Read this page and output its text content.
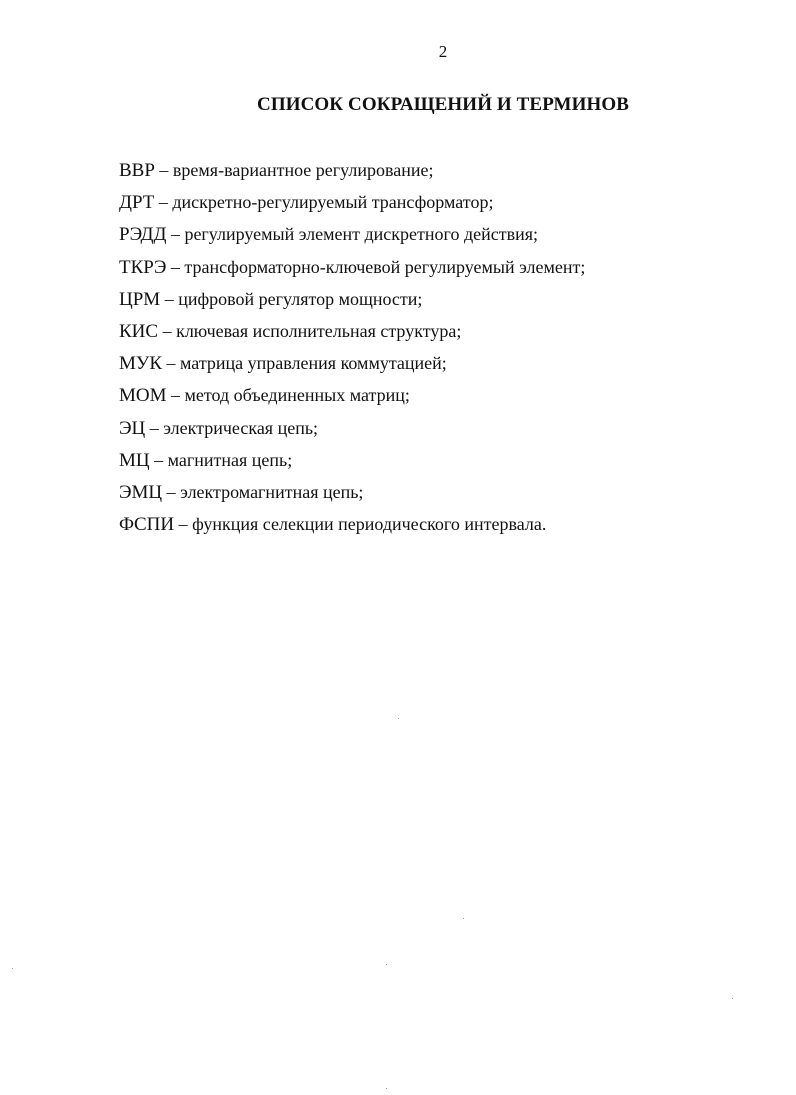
2

СПИСОК СОКРАЩЕНИЙ И ТЕРМИНОВ
ВВР – время-вариантное регулирование;
ДРТ – дискретно-регулируемый трансформатор;
РЭДД – регулируемый элемент дискретного действия;
ТКРЭ – трансформаторно-ключевой регулируемый элемент;
ЦРМ – цифровой регулятор мощности;
КИС – ключевая исполнительная структура;
МУК – матрица управления коммутацией;
МОМ – метод объединенных матриц;
ЭЦ – электрическая цепь;
МЦ – магнитная цепь;
ЭМЦ – электромагнитная цепь;
ФСПИ – функция селекции периодического интервала.
